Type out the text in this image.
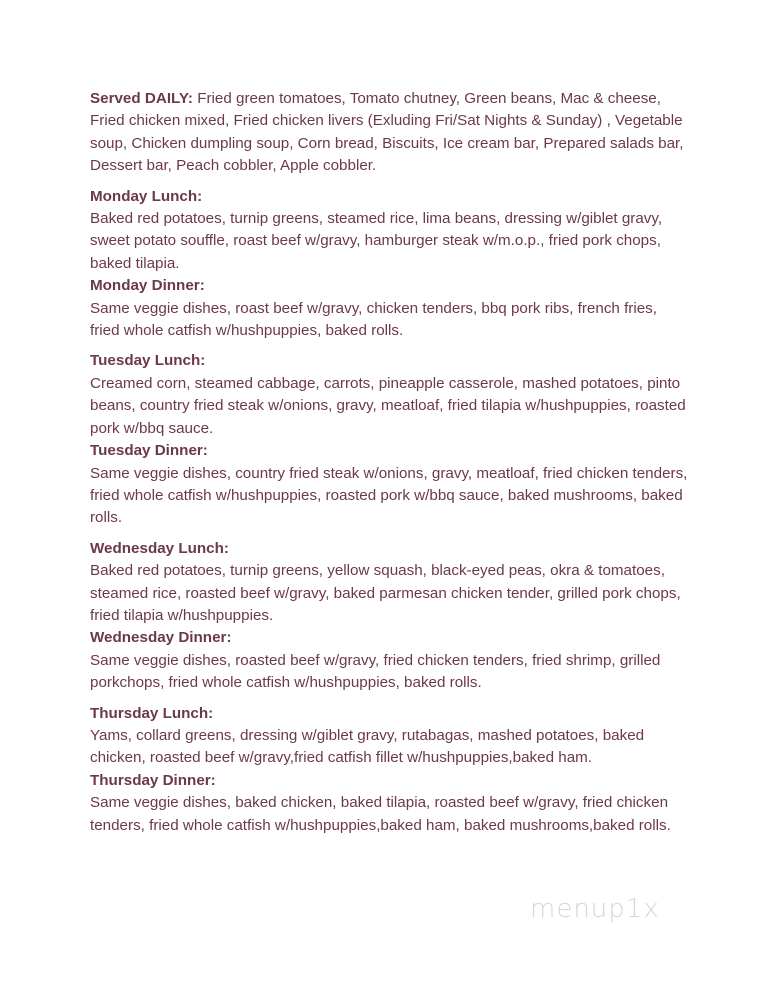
Served DAILY: Fried green tomatoes, Tomato chutney, Green beans, Mac & cheese, Fried chicken mixed, Fried chicken livers (Exluding Fri/Sat Nights & Sunday) , Vegetable soup, Chicken dumpling soup, Corn bread, Biscuits, Ice cream bar, Prepared salads bar, Dessert bar, Peach cobbler, Apple cobbler.

Monday Lunch:

Baked red potatoes, turnip greens, steamed rice, lima beans, dressing w/giblet gravy, sweet potato souffle, roast beef w/gravy, hamburger steak w/m.o.p., fried pork chops, baked tilapia.

Monday Dinner:

Same veggie dishes, roast beef w/gravy, chicken tenders, bbq pork ribs, french fries, fried whole catfish w/hushpuppies, baked rolls.

Tuesday Lunch:

Creamed corn, steamed cabbage, carrots, pineapple casserole, mashed potatoes, pinto beans, country fried steak w/onions, gravy, meatloaf, fried tilapia w/hushpuppies, roasted pork w/bbq sauce.

Tuesday Dinner:

Same veggie dishes, country fried steak w/onions, gravy, meatloaf, fried chicken tenders, fried whole catfish w/hushpuppies, roasted pork w/bbq sauce, baked mushrooms, baked rolls.

Wednesday Lunch:

Baked red potatoes, turnip greens, yellow squash, black-eyed peas, okra & tomatoes, steamed rice, roasted beef w/gravy, baked parmesan chicken tender, grilled pork chops, fried tilapia w/hushpuppies.

Wednesday Dinner:

Same veggie dishes, roasted beef w/gravy, fried chicken tenders, fried shrimp, grilled porkchops, fried whole catfish w/hushpuppies, baked rolls.

Thursday Lunch:

Yams, collard greens, dressing w/giblet gravy, rutabagas, mashed potatoes, baked chicken, roasted beef w/gravy,fried catfish fillet w/hushpuppies,baked ham.

Thursday Dinner:

Same veggie dishes, baked chicken, baked tilapia, roasted beef w/gravy, fried chicken tenders, fried whole catfish w/hushpuppies,baked ham, baked mushrooms,baked rolls.

menup1x
